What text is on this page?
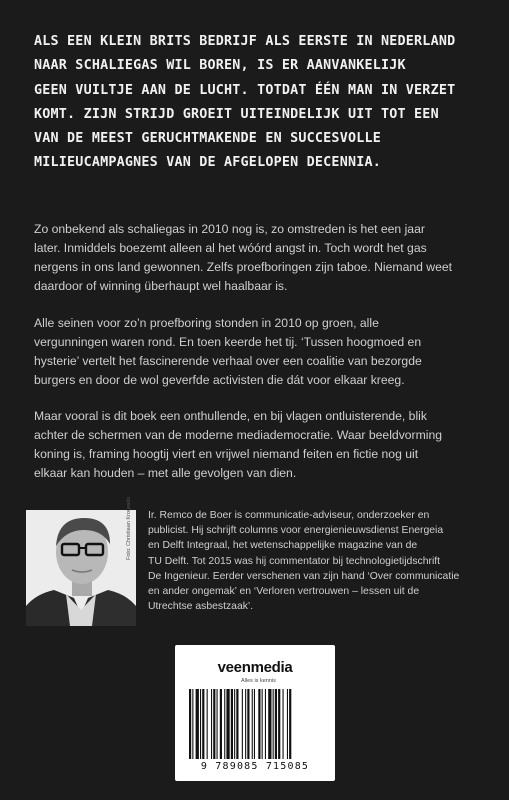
ALS EEN KLEIN BRITS BEDRIJF ALS EERSTE IN NEDERLAND
NAAR SCHALIEGAS WIL BOREN, IS ER AANVANKELIJK
GEEN VUILTJE AAN DE LUCHT. TOTDAT ÉÉN MAN IN VERZET
KOMT. ZIJN STRIJD GROEIT UITEINDELIJK UIT TOT EEN
VAN DE MEEST GERUCHTMAKENDE EN SUCCESVOLLE
MILIEUCAMPAGNES VAN DE AFGELOPEN DECENNIA.
Zo onbekend als schaliegas in 2010 nog is, zo omstreden is het een jaar
later. Inmiddels boezemt alleen al het wóórd angst in. Toch wordt het gas
nergens in ons land gewonnen. Zelfs proefboringen zijn taboe. Niemand weet
daardoor of winning überhaupt wel haalbaar is.
Alle seinen voor zo’n proefboring stonden in 2010 op groen, alle
vergunningen waren rond. En toen keerde het tij. ‘Tussen hoogmoed en
hysterie’ vertelt het fascinerende verhaal over een coalitie van bezorgde
burgers en door de wol geverfde activisten die dát voor elkaar kreeg.
Maar vooral is dit boek een onthullende, en bij vlagen ontluisterende, blik
achter de schermen van de moderne mediademocratie. Waar beeldvorming
koning is, framing hoogtij viert en vrijwel niemand feiten en fictie nog uit
elkaar kan houden – met alle gevolgen van dien.
Foto: Christiaan Krouwels Ir. Remco de Boer is communicatie-adviseur, onderzoeker en
publicist. Hij schrijft columns voor energienieuwsdienst Energeia
en Delft Integraal, het wetenschappelijke magazine van de
TU Delft. Tot 2015 was hij commentator bij technologietijdschrift
De Ingenieur. Eerder verschenen van zijn hand ‘Over communicatie
en ander ongemak’ en ‘Verloren vertrouwen – lessen uit de
Utrechtse asbestzaak’.
veenmedia
Alles is kennis
9 789085 715085
